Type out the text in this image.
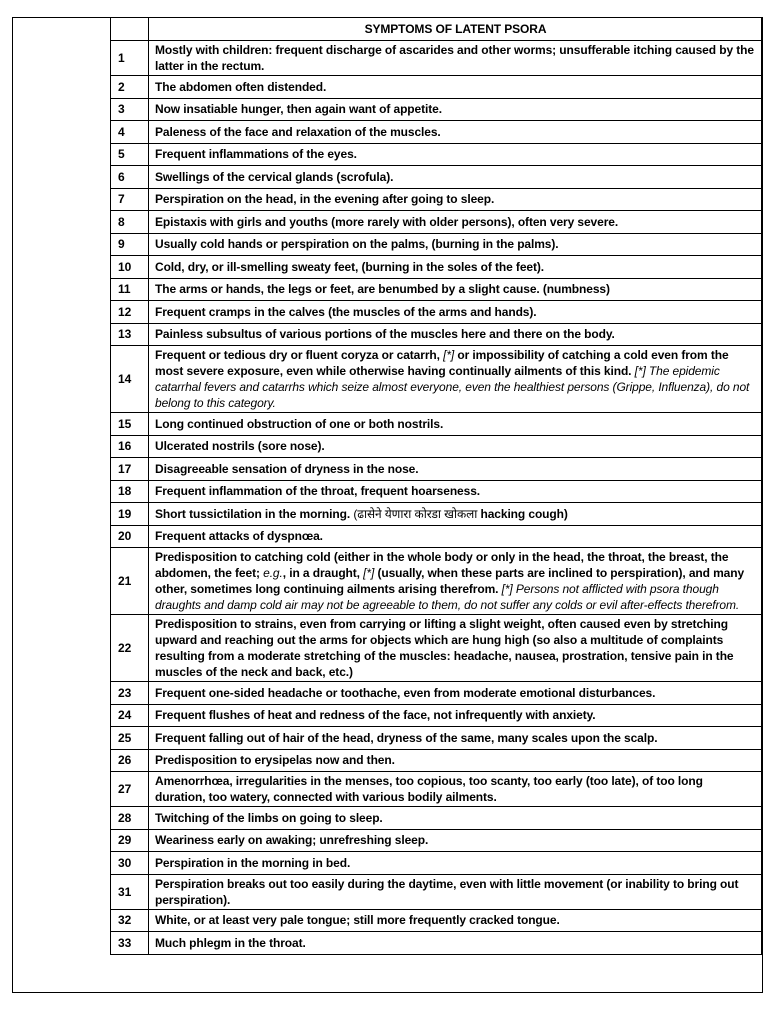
	SYMPTOMS OF LATENT PSORA
1	Mostly with children: frequent discharge of ascarides and other worms; unsufferable itching caused by the latter in the rectum.
2	The abdomen often distended.
3	Now insatiable hunger, then again want of appetite.
4	Paleness of the face and relaxation of the muscles.
5	Frequent inflammations of the eyes.
6	Swellings of the cervical glands (scrofula).
7	Perspiration on the head, in the evening after going to sleep.
8	Epistaxis with girls and youths (more rarely with older persons), often very severe.
9	Usually cold hands or perspiration on the palms, (burning in the palms).
10	Cold, dry, or ill-smelling sweaty feet, (burning in the soles of the feet).
11	The arms or hands, the legs or feet, are benumbed by a slight cause. (numbness)
12	Frequent cramps in the calves (the muscles of the arms and hands).
13	Painless subsultus of various portions of the muscles here and there on the body.
14	Frequent or tedious dry or fluent coryza or catarrh, [*] or impossibility of catching a cold even from the most severe exposure, even while otherwise having continually ailments of this kind. [*] The epidemic catarrhal fevers and catarrhs which seize almost everyone, even the healthiest persons (Grippe, Influenza), do not belong to this category.
15	Long continued obstruction of one or both nostrils.
16	Ulcerated nostrils (sore nose).
17	Disagreeable sensation of dryness in the nose.
18	Frequent inflammation of the throat, frequent hoarseness.
19	Short tussictilation in the morning. (ढासेने येणारा कोरडा खोकला hacking cough)
20	Frequent attacks of dyspnœa.
21	Predisposition to catching cold (either in the whole body or only in the head, the throat, the breast, the abdomen, the feet; e.g., in a draught, [*] (usually, when these parts are inclined to perspiration), and many other, sometimes long continuing ailments arising therefrom. [*] Persons not afflicted with psora though draughts and damp cold air may not be agreeable to them, do not suffer any colds or evil after-effects therefrom.
22	Predisposition to strains, even from carrying or lifting a slight weight, often caused even by stretching upward and reaching out the arms for objects which are hung high (so also a multitude of complaints resulting from a moderate stretching of the muscles: headache, nausea, prostration, tensive pain in the muscles of the neck and back, etc.)
23	Frequent one-sided headache or toothache, even from moderate emotional disturbances.
24	Frequent flushes of heat and redness of the face, not infrequently with anxiety.
25	Frequent falling out of hair of the head, dryness of the same, many scales upon the scalp.
26	Predisposition to erysipelas now and then.
27	Amenorrhœa, irregularities in the menses, too copious, too scanty, too early (too late), of too long duration, too watery, connected with various bodily ailments.
28	Twitching of the limbs on going to sleep.
29	Weariness early on awaking; unrefreshing sleep.
30	Perspiration in the morning in bed.
31	Perspiration breaks out too easily during the daytime, even with little movement (or inability to bring out perspiration).
32	White, or at least very pale tongue; still more frequently cracked tongue.
33	Much phlegm in the throat.
